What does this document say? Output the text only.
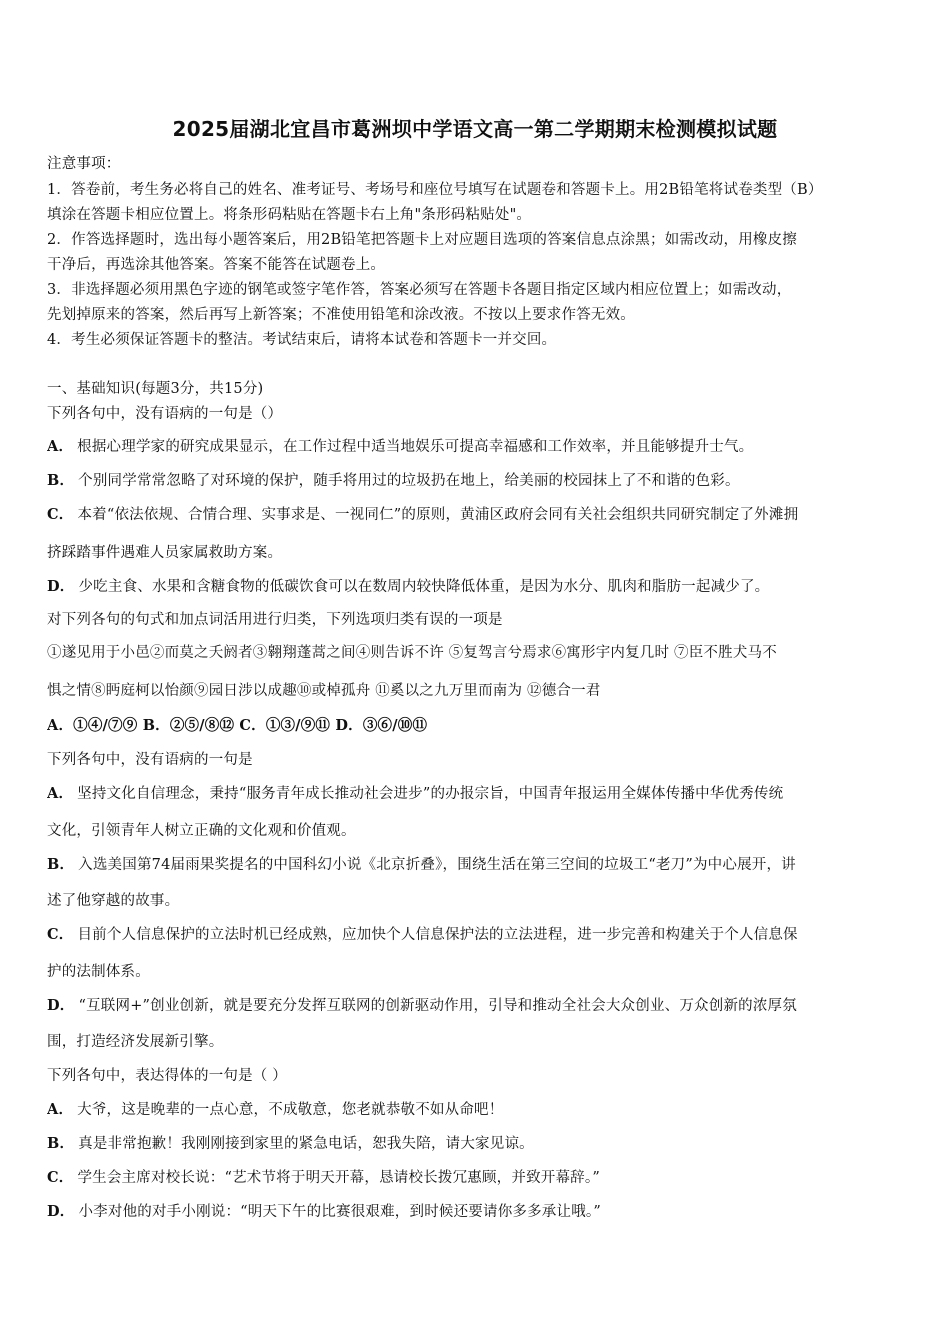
2025届湖北宜昌市葛洲坝中学语文高一第二学期期末检测模拟试题
注意事项：
1．答卷前，考生务必将自己的姓名、准考证号、考场号和座位号填写在试题卷和答题卡上。用2B铅笔将试卷类型（B）
填涂在答题卡相应位置上。将条形码粘贴在答题卡右上角"条形码粘贴处"。
2．作答选择题时，选出每小题答案后，用2B铅笔把答题卡上对应题目选项的答案信息点涂黑；如需改动，用橡皮擦
干净后，再选涂其他答案。答案不能答在试题卷上。
3．非选择题必须用黑色字迹的钢笔或签字笔作答，答案必须写在答题卡各题目指定区域内相应位置上；如需改动，
先划掉原来的答案，然后再写上新答案；不准使用铅笔和涂改液。不按以上要求作答无效。
4．考生必须保证答题卡的整洁。考试结束后，请将本试卷和答题卡一并交回。
一、基础知识(每题3分，共15分)
下列各句中，没有语病的一句是（）
A． 根据心理学家的研究成果显示，在工作过程中适当地娱乐可提高幸福感和工作效率，并且能够提升士气。
B． 个别同学常常忽略了对环境的保护，随手将用过的垃圾扔在地上，给美丽的校园抹上了不和谐的色彩。
C． 本着“依法依规、合情合理、实事求是、一视同仁”的原则，黄浦区政府会同有关社会组织共同研究制定了外滩拥
挤踩踏事件遇难人员家属救助方案。
D． 少吃主食、水果和含糖食物的低碳饮食可以在数周内较快降低体重，是因为水分、肌肉和脂肪一起减少了。
对下列各句的句式和加点词活用进行归类，下列选项归类有误的一项是
①遂见用于小邑②而莫之夭阏者③翱翔蓬蒿之间④则告诉不许 ⑤复驾言兮焉求⑥寓形宇内复几时 ⑦臣不胜犬马不
惧之情⑧眄庭柯以怡颜⑨园日涉以成趣⑩或棹孤舟 ⑪奚以之九万里而南为 ⑫德合一君
A．①④/⑦⑨ B．②⑤/⑧⑫ C．①③/⑨⑪ D．③⑥/⑩⑪
下列各句中，没有语病的一句是
A． 坚持文化自信理念，秉持“服务青年成长推动社会进步”的办报宗旨，中国青年报运用全媒体传播中华优秀传统
文化，引领青年人树立正确的文化观和价值观。
B． 入选美国第74届雨果奖提名的中国科幻小说《北京折叠》，围绕生活在第三空间的垃圾工“老刀”为中心展开，讲
述了他穿越的故事。
C． 目前个人信息保护的立法时机已经成熟，应加快个人信息保护法的立法进程，进一步完善和构建关于个人信息保
护的法制体系。
D． “互联网+”创业创新，就是要充分发挥互联网的创新驱动作用，引导和推动全社会大众创业、万众创新的浓厚氛
围，打造经济发展新引擎。
下列各句中，表达得体的一句是（ ）
A． 大爷，这是晚辈的一点心意，不成敬意，您老就恭敬不如从命吧！
B． 真是非常抱歉！我刚刚接到家里的紧急电话，恕我失陪，请大家见谅。
C． 学生会主席对校长说：“艺术节将于明天开幕，恳请校长拨冗惠顾，并致开幕辞。”
D． 小李对他的对手小刚说：“明天下午的比赛很艰难，到时候还要请你多多承让哦。”
